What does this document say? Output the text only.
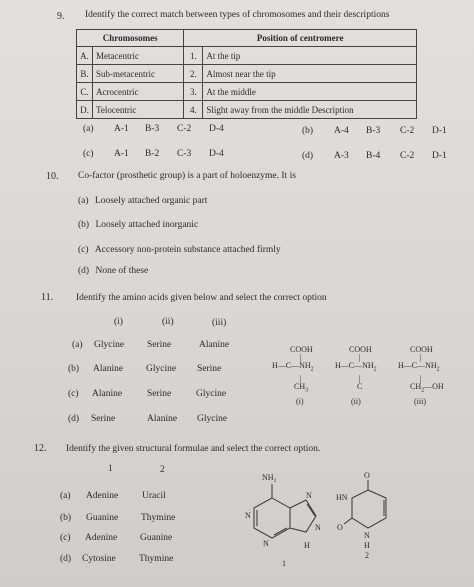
9. Identify the correct match between types of chromosomes and their descriptions
Chromosomes		Position of centromere	
A.	Metacentric	1.	At the tip
B.	Sub-metacentric	2.	Almost near the tip
C.	Acrocentric	3.	At the middle
D.	Telocentric	4.	Slight away from the middle Description
(a) A-1 B-3 C-2 D-4	(b) A-4 B-3 C-2 D-1
(c) A-1 B-2 C-3 D-4	(d) A-3 B-4 C-2 D-1
10. Co-factor (prosthetic group) is a part of holoenzyme. It is
(a) Loosely attached organic part
(b) Loosely attached inorganic
(c) Accessory non-protein substance attached firmly
(d) None of these
11. Identify the amino acids given below and select the correct option
(i)	(ii)	(iii)
(a) Glycine Serine	Alanine
(b) Alanine Glycine Serine
(c) Alanine	Serine	Glycine
(d) Serine	Alanine Glycine
COOH
|
$H—C—NH_2$
|
$CH_3$
(i)
COOH
|
$H—C—NH_2$
|
C
(ii)
COOH
|
$H—C—NH_2$
|
$CH_2—OH$
(iii)
12. Identify the given structural formulae and select the correct option.
1	2
(a) Adenine	Uracil
(b) Guanine Thymine
(c) Adenine Guanine
(d) Cytosine Thymine
$NH_2$
N
N
N
N	H
1
O
HN
O
N
H
2
